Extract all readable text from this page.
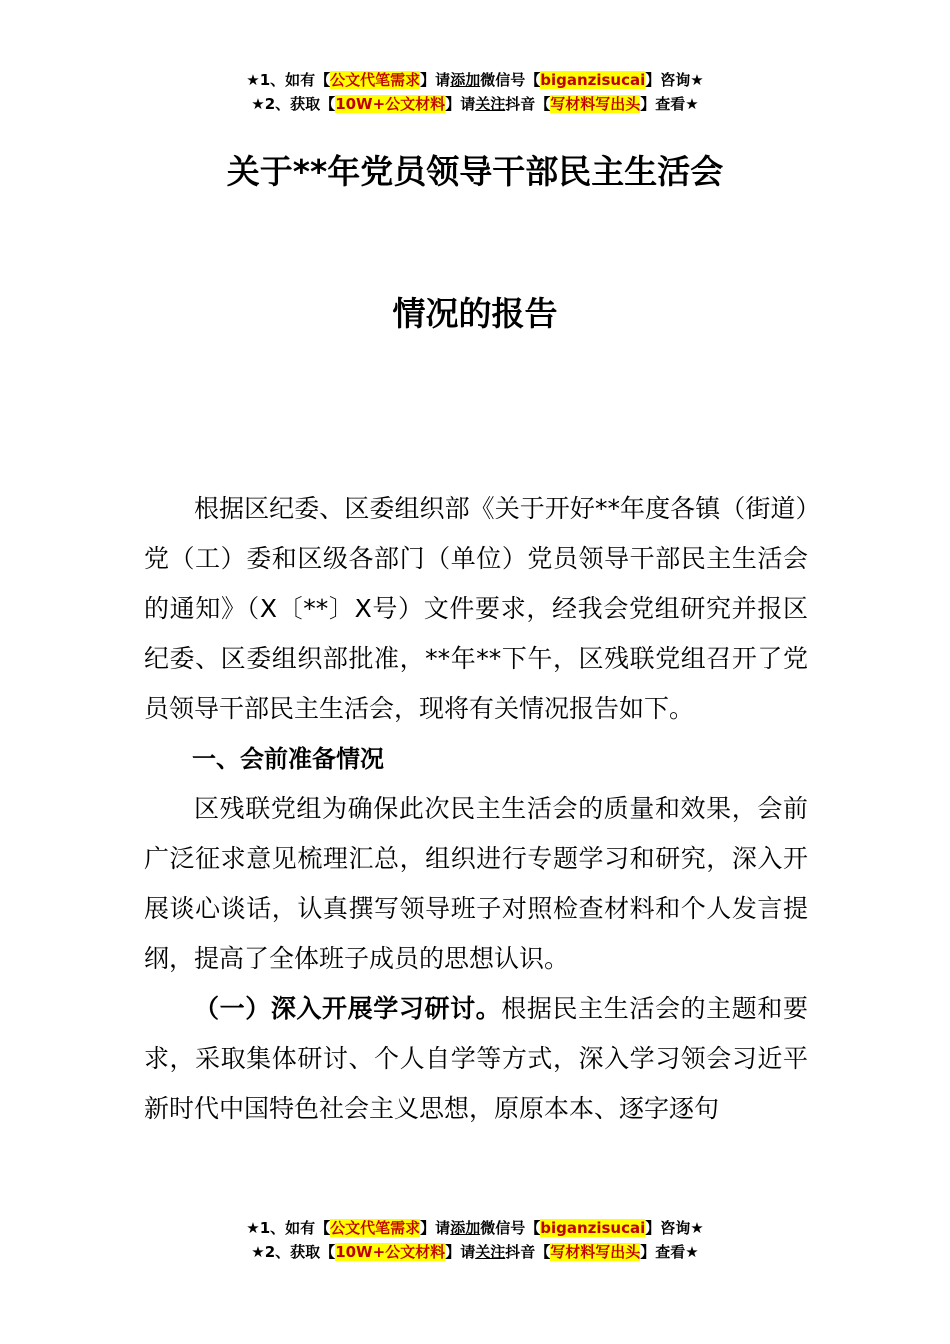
★1、如有【公文代笔需求】请添加微信号【biganzisucai】咨询★
★2、获取【10W+公文材料】请关注抖音【写材料写出头】查看★
关于**年党员领导干部民主生活会
情况的报告

根据区纪委、区委组织部《关于开好**年度各镇（街道）党（工）委和区级各部门（单位）党员领导干部民主生活会的通知》（X〔**〕X号）文件要求，经我会党组研究并报区纪委、区委组织部批准，**年**下午，区残联党组召开了党员领导干部民主生活会，现将有关情况报告如下。

一、会前准备情况

区残联党组为确保此次民主生活会的质量和效果，会前广泛征求意见梳理汇总，组织进行专题学习和研究，深入开展谈心谈话，认真撰写领导班子对照检查材料和个人发言提纲，提高了全体班子成员的思想认识。

（一）深入开展学习研讨。根据民主生活会的主题和要求，采取集体研讨、个人自学等方式，深入学习领会习近平新时代中国特色社会主义思想，原原本本、逐字逐句

★1、如有【公文代笔需求】请添加微信号【biganzisucai】咨询★
★2、获取【10W+公文材料】请关注抖音【写材料写出头】查看★
